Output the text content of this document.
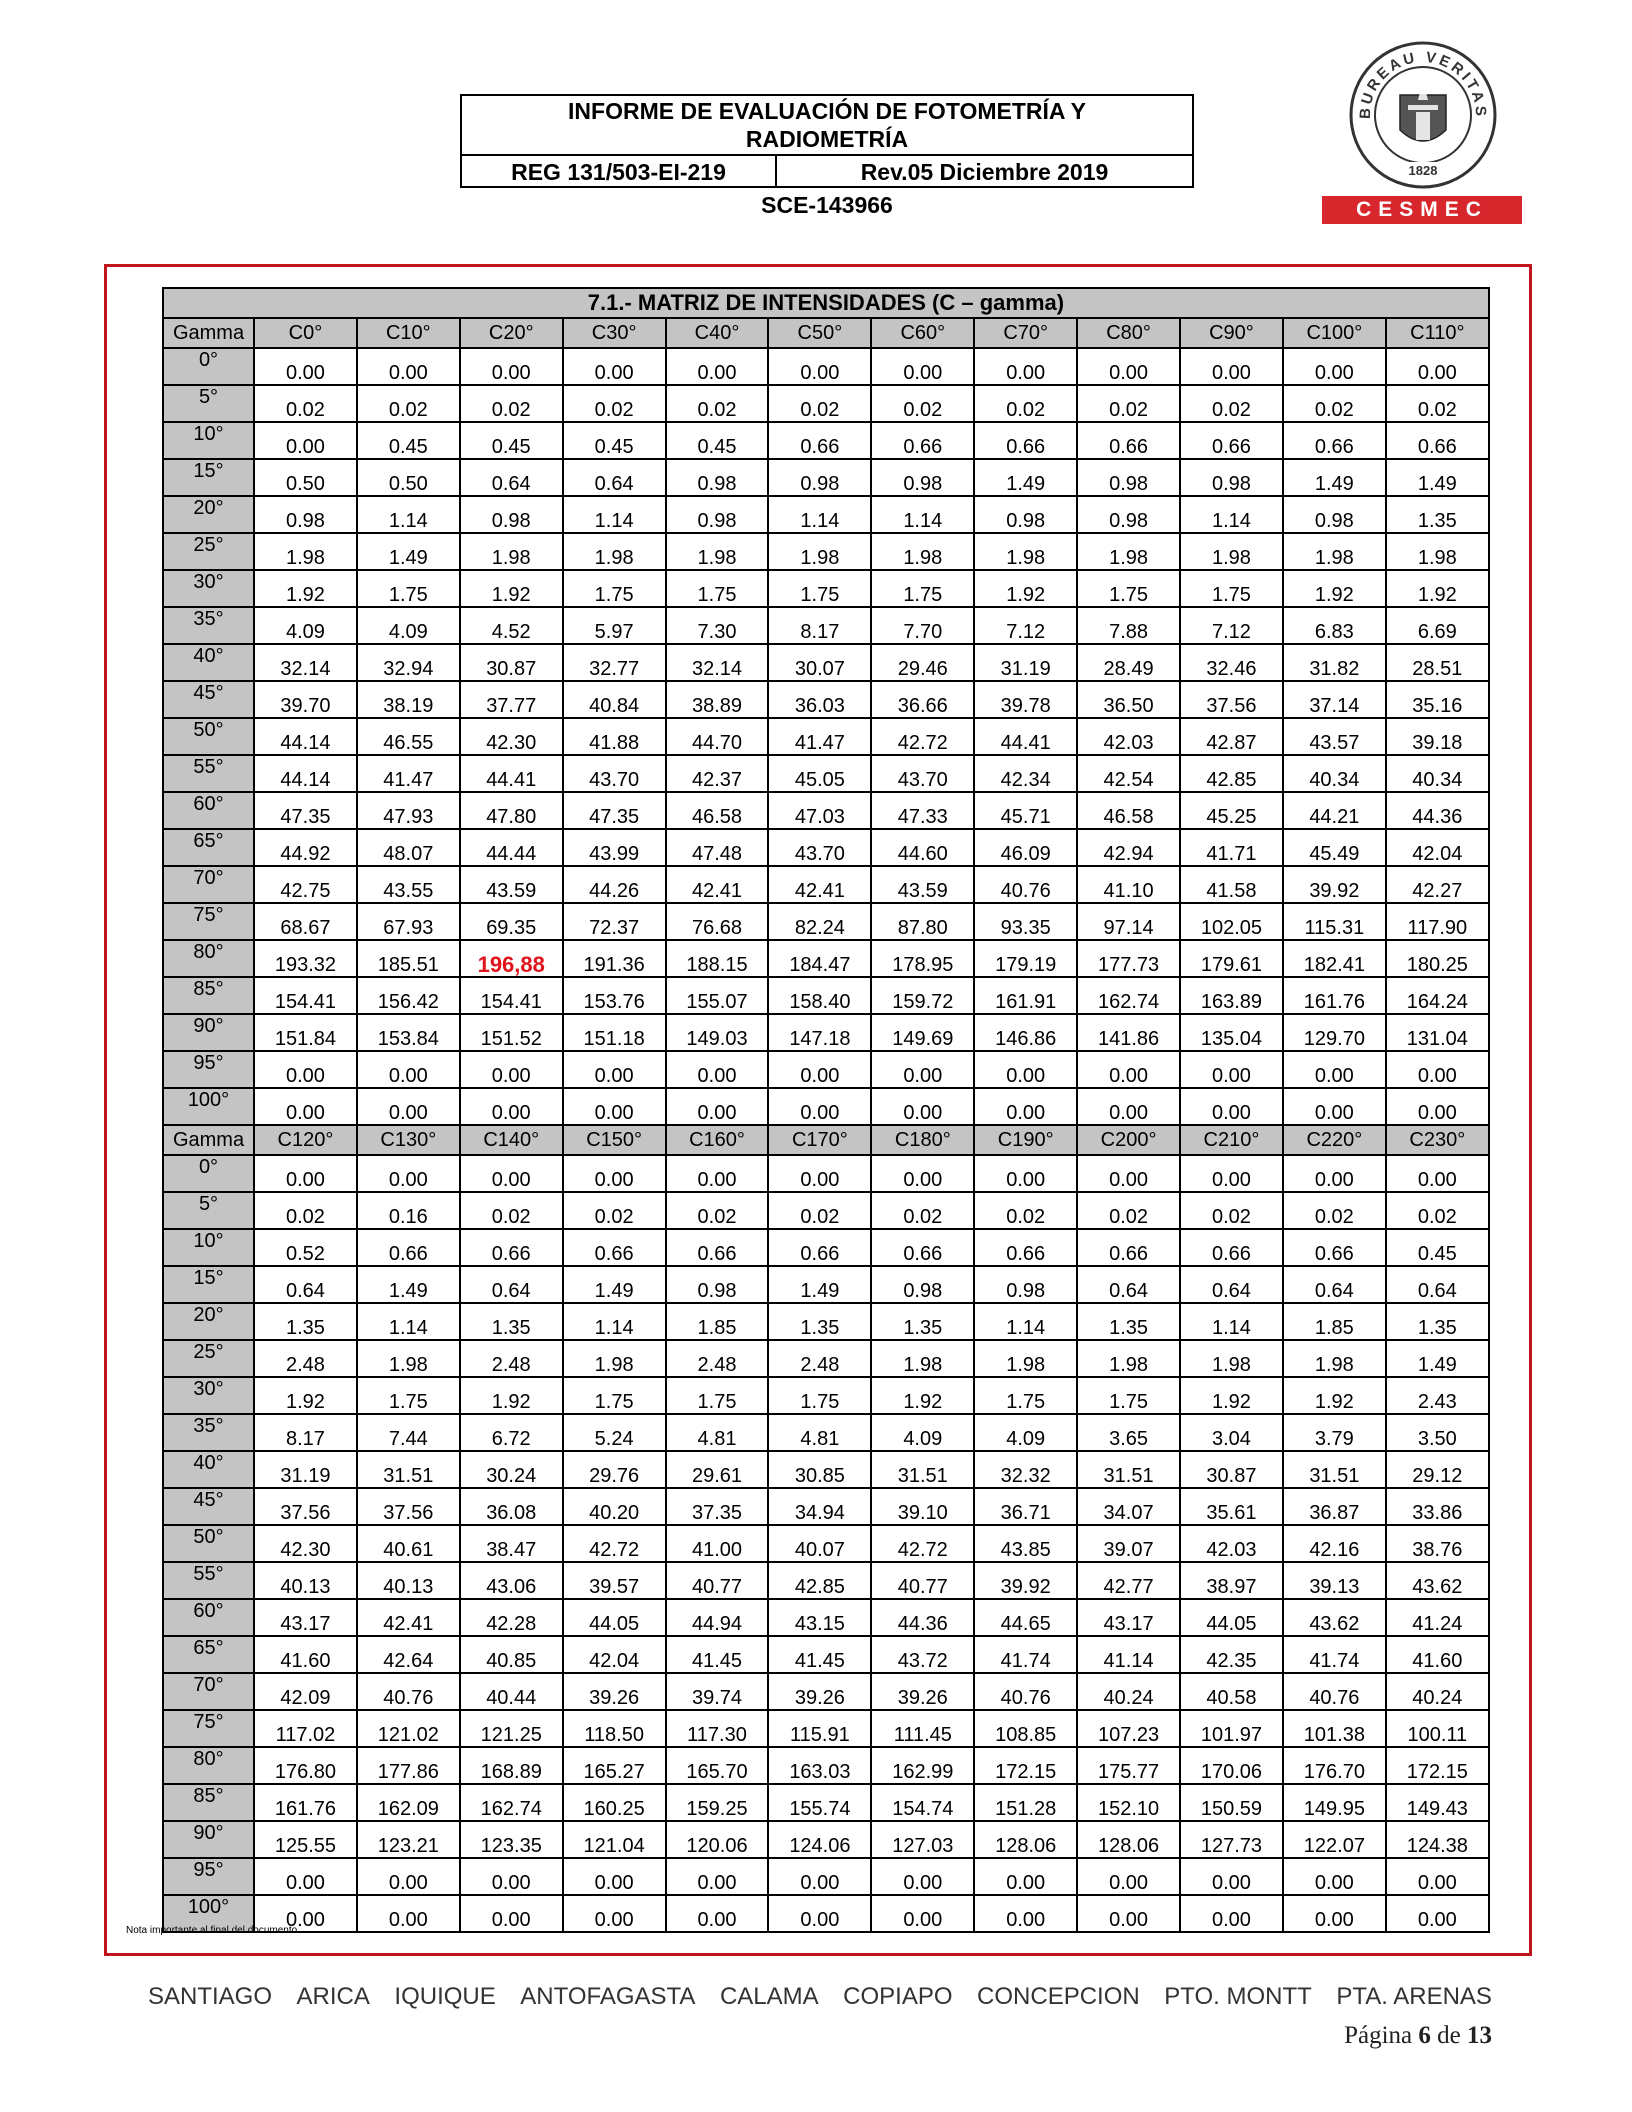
INFORME DE EVALUACIÓN DE FOTOMETRÍA Y
RADIOMETRÍA
REG 131/503-EI-219	Rev.05 Diciembre 2019
SCE-143966
BUREAU VERITAS
1828
CESMEC
7.1.- MATRIZ DE INTENSIDADES (C – gamma)												
Gamma	C0°	C10°	C20°	C30°	C40°	C50°	C60°	C70°	C80°	C90°	C100°	C110°
0°	0.00	0.00	0.00	0.00	0.00	0.00	0.00	0.00	0.00	0.00	0.00	0.00
5°	0.02	0.02	0.02	0.02	0.02	0.02	0.02	0.02	0.02	0.02	0.02	0.02
10°	0.00	0.45	0.45	0.45	0.45	0.66	0.66	0.66	0.66	0.66	0.66	0.66
15°	0.50	0.50	0.64	0.64	0.98	0.98	0.98	1.49	0.98	0.98	1.49	1.49
20°	0.98	1.14	0.98	1.14	0.98	1.14	1.14	0.98	0.98	1.14	0.98	1.35
25°	1.98	1.49	1.98	1.98	1.98	1.98	1.98	1.98	1.98	1.98	1.98	1.98
30°	1.92	1.75	1.92	1.75	1.75	1.75	1.75	1.92	1.75	1.75	1.92	1.92
35°	4.09	4.09	4.52	5.97	7.30	8.17	7.70	7.12	7.88	7.12	6.83	6.69
40°	32.14	32.94	30.87	32.77	32.14	30.07	29.46	31.19	28.49	32.46	31.82	28.51
45°	39.70	38.19	37.77	40.84	38.89	36.03	36.66	39.78	36.50	37.56	37.14	35.16
50°	44.14	46.55	42.30	41.88	44.70	41.47	42.72	44.41	42.03	42.87	43.57	39.18
55°	44.14	41.47	44.41	43.70	42.37	45.05	43.70	42.34	42.54	42.85	40.34	40.34
60°	47.35	47.93	47.80	47.35	46.58	47.03	47.33	45.71	46.58	45.25	44.21	44.36
65°	44.92	48.07	44.44	43.99	47.48	43.70	44.60	46.09	42.94	41.71	45.49	42.04
70°	42.75	43.55	43.59	44.26	42.41	42.41	43.59	40.76	41.10	41.58	39.92	42.27
75°	68.67	67.93	69.35	72.37	76.68	82.24	87.80	93.35	97.14	102.05	115.31	117.90
80°	193.32	185.51	196,88	191.36	188.15	184.47	178.95	179.19	177.73	179.61	182.41	180.25
85°	154.41	156.42	154.41	153.76	155.07	158.40	159.72	161.91	162.74	163.89	161.76	164.24
90°	151.84	153.84	151.52	151.18	149.03	147.18	149.69	146.86	141.86	135.04	129.70	131.04
95°	0.00	0.00	0.00	0.00	0.00	0.00	0.00	0.00	0.00	0.00	0.00	0.00
100°	0.00	0.00	0.00	0.00	0.00	0.00	0.00	0.00	0.00	0.00	0.00	0.00
Gamma	C120°	C130°	C140°	C150°	C160°	C170°	C180°	C190°	C200°	C210°	C220°	C230°
0°	0.00	0.00	0.00	0.00	0.00	0.00	0.00	0.00	0.00	0.00	0.00	0.00
5°	0.02	0.16	0.02	0.02	0.02	0.02	0.02	0.02	0.02	0.02	0.02	0.02
10°	0.52	0.66	0.66	0.66	0.66	0.66	0.66	0.66	0.66	0.66	0.66	0.45
15°	0.64	1.49	0.64	1.49	0.98	1.49	0.98	0.98	0.64	0.64	0.64	0.64
20°	1.35	1.14	1.35	1.14	1.85	1.35	1.35	1.14	1.35	1.14	1.85	1.35
25°	2.48	1.98	2.48	1.98	2.48	2.48	1.98	1.98	1.98	1.98	1.98	1.49
30°	1.92	1.75	1.92	1.75	1.75	1.75	1.92	1.75	1.75	1.92	1.92	2.43
35°	8.17	7.44	6.72	5.24	4.81	4.81	4.09	4.09	3.65	3.04	3.79	3.50
40°	31.19	31.51	30.24	29.76	29.61	30.85	31.51	32.32	31.51	30.87	31.51	29.12
45°	37.56	37.56	36.08	40.20	37.35	34.94	39.10	36.71	34.07	35.61	36.87	33.86
50°	42.30	40.61	38.47	42.72	41.00	40.07	42.72	43.85	39.07	42.03	42.16	38.76
55°	40.13	40.13	43.06	39.57	40.77	42.85	40.77	39.92	42.77	38.97	39.13	43.62
60°	43.17	42.41	42.28	44.05	44.94	43.15	44.36	44.65	43.17	44.05	43.62	41.24
65°	41.60	42.64	40.85	42.04	41.45	41.45	43.72	41.74	41.14	42.35	41.74	41.60
70°	42.09	40.76	40.44	39.26	39.74	39.26	39.26	40.76	40.24	40.58	40.76	40.24
75°	117.02	121.02	121.25	118.50	117.30	115.91	111.45	108.85	107.23	101.97	101.38	100.11
80°	176.80	177.86	168.89	165.27	165.70	163.03	162.99	172.15	175.77	170.06	176.70	172.15
85°	161.76	162.09	162.74	160.25	159.25	155.74	154.74	151.28	152.10	150.59	149.95	149.43
90°	125.55	123.21	123.35	121.04	120.06	124.06	127.03	128.06	128.06	127.73	122.07	124.38
95°	0.00	0.00	0.00	0.00	0.00	0.00	0.00	0.00	0.00	0.00	0.00	0.00
100°	0.00	0.00	0.00	0.00	0.00	0.00	0.00	0.00	0.00	0.00	0.00	0.00
Nota importante al final del documento
SANTIAGO ARICA IQUIQUE ANTOFAGASTA CALAMA COPIAPO CONCEPCION PTO. MONTT PTA. ARENAS
Página 6 de 13
